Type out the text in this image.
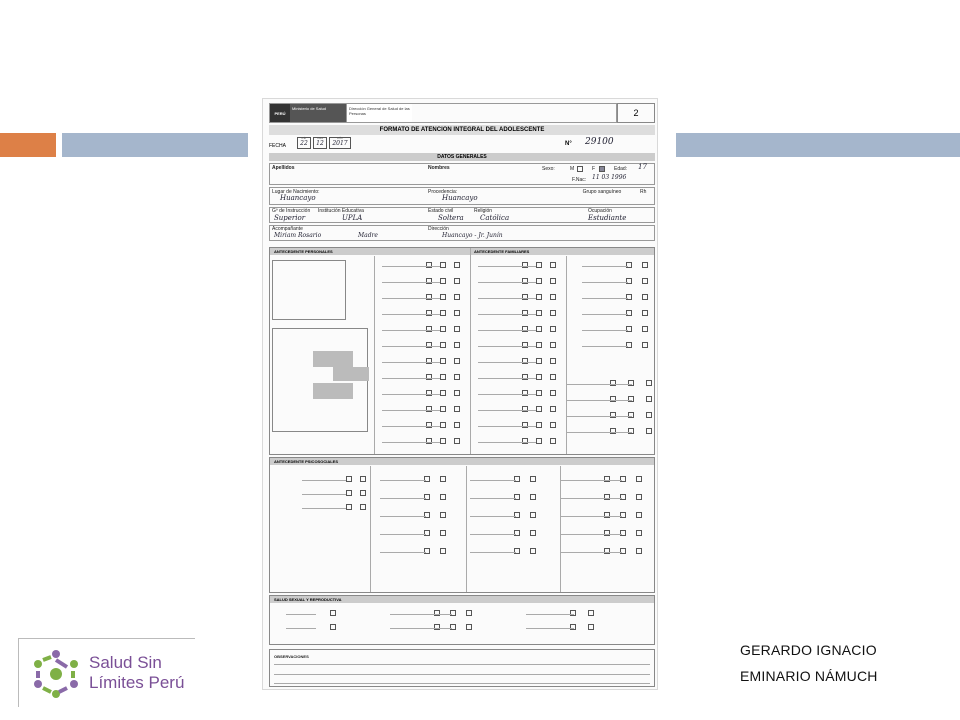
PERÚ
Ministerio de Salud	Dirección General de Salud de las Personas	2
FORMATO DE ATENCION INTEGRAL DEL ADOLESCENTE
FECHA
día
22
mes
12
año
2017	N° 29100
DATOS GENERALES
Apellidos	Nombres	Sexo:	M	F	Edad: 17
F.Nac: 11 03 1996
Lugar de Nacimiento:
Huancayo
Procedencia:
Huancayo
Grupo sanguíneo	Rh
Gº de Instrucción
Superior
Institución Educativa
UPLA
Estado civil
Soltera
Religión
Católica
Ocupación
Estudiante
Acompañante
Miriam Rosario	Madre
Dirección
Huancayo - Jr. Junín
ANTECEDENTE PERSONALES	ANTECEDENTE FAMILIARES
ANTECEDENTE PSICOSOCIALES
SALUD SEXUAL Y REPRODUCTIVA
OBSERVACIONES
Salud Sin
Límites Perú
GERARDO IGNACIO
EMINARIO NÁMUCH
